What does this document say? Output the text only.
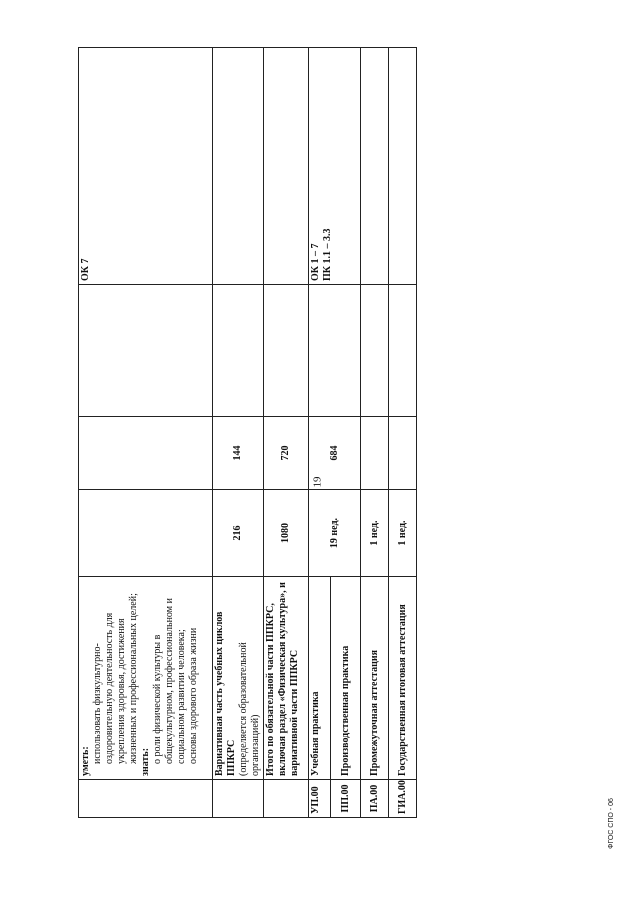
19
ФГОС СПО - 06

	уметь: использовать физкультурно-оздоровительную деятельность для укрепления здоровья, достижения жизненных и профессиональных целей; знать: о роли физической культуры в общекультурном, профессиональном и социальном развитии человека; основы здорового образа жизни				ОК 7

	Вариативная часть учебных циклов ППКРС (определяется образовательной организацией)	216	144		
	Итого по обязательной части ППКРС, включая раздел «Физическая культура», и вариативной части ППКРС	1080	720		
УП.00	Учебная практика	19 нед.	684		ОК 1 – 7 ПК 1.1 – 3.3

ПП.00	Производственная практика				
ПА.00	Промежуточная аттестация	1 нед.			
ГИА.00	Государственная итоговая аттестация	1 нед.			
